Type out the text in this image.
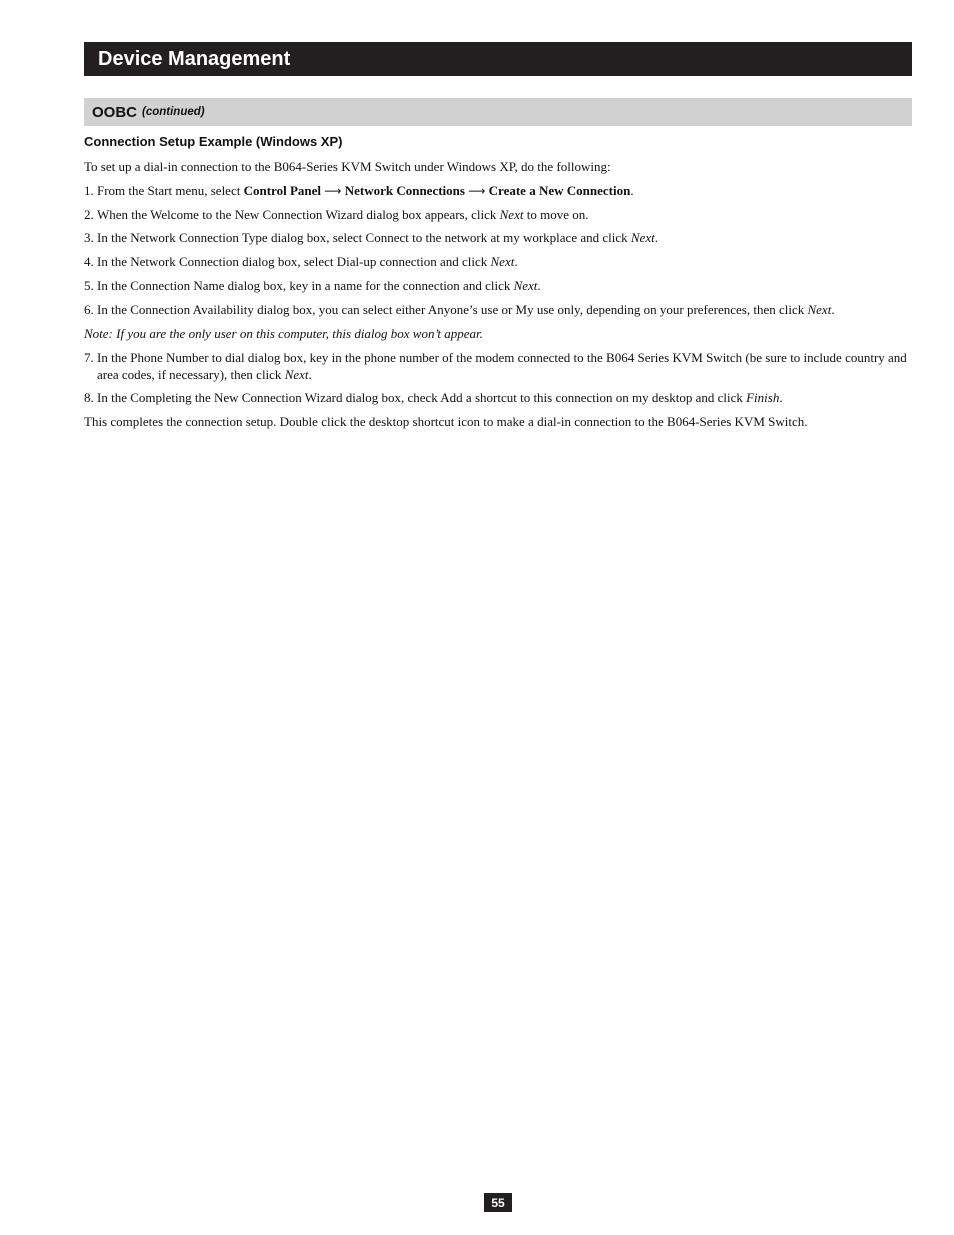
Device Management
OOBC (continued)
Connection Setup Example (Windows XP)
To set up a dial-in connection to the B064-Series KVM Switch under Windows XP, do the following:
1. From the Start menu, select Control Panel ⟶ Network Connections ⟶ Create a New Connection.
2. When the Welcome to the New Connection Wizard dialog box appears, click Next to move on.
3. In the Network Connection Type dialog box, select Connect to the network at my workplace and click Next.
4. In the Network Connection dialog box, select Dial-up connection and click Next.
5. In the Connection Name dialog box, key in a name for the connection and click Next.
6. In the Connection Availability dialog box, you can select either Anyone’s use or My use only, depending on your preferences, then click Next.
Note: If you are the only user on this computer, this dialog box won’t appear.
7. In the Phone Number to dial dialog box, key in the phone number of the modem connected to the B064 Series KVM Switch (be sure to include country and area codes, if necessary), then click Next.
8. In the Completing the New Connection Wizard dialog box, check Add a shortcut to this connection on my desktop and click Finish.
This completes the connection setup. Double click the desktop shortcut icon to make a dial-in connection to the B064-Series KVM Switch.
55
